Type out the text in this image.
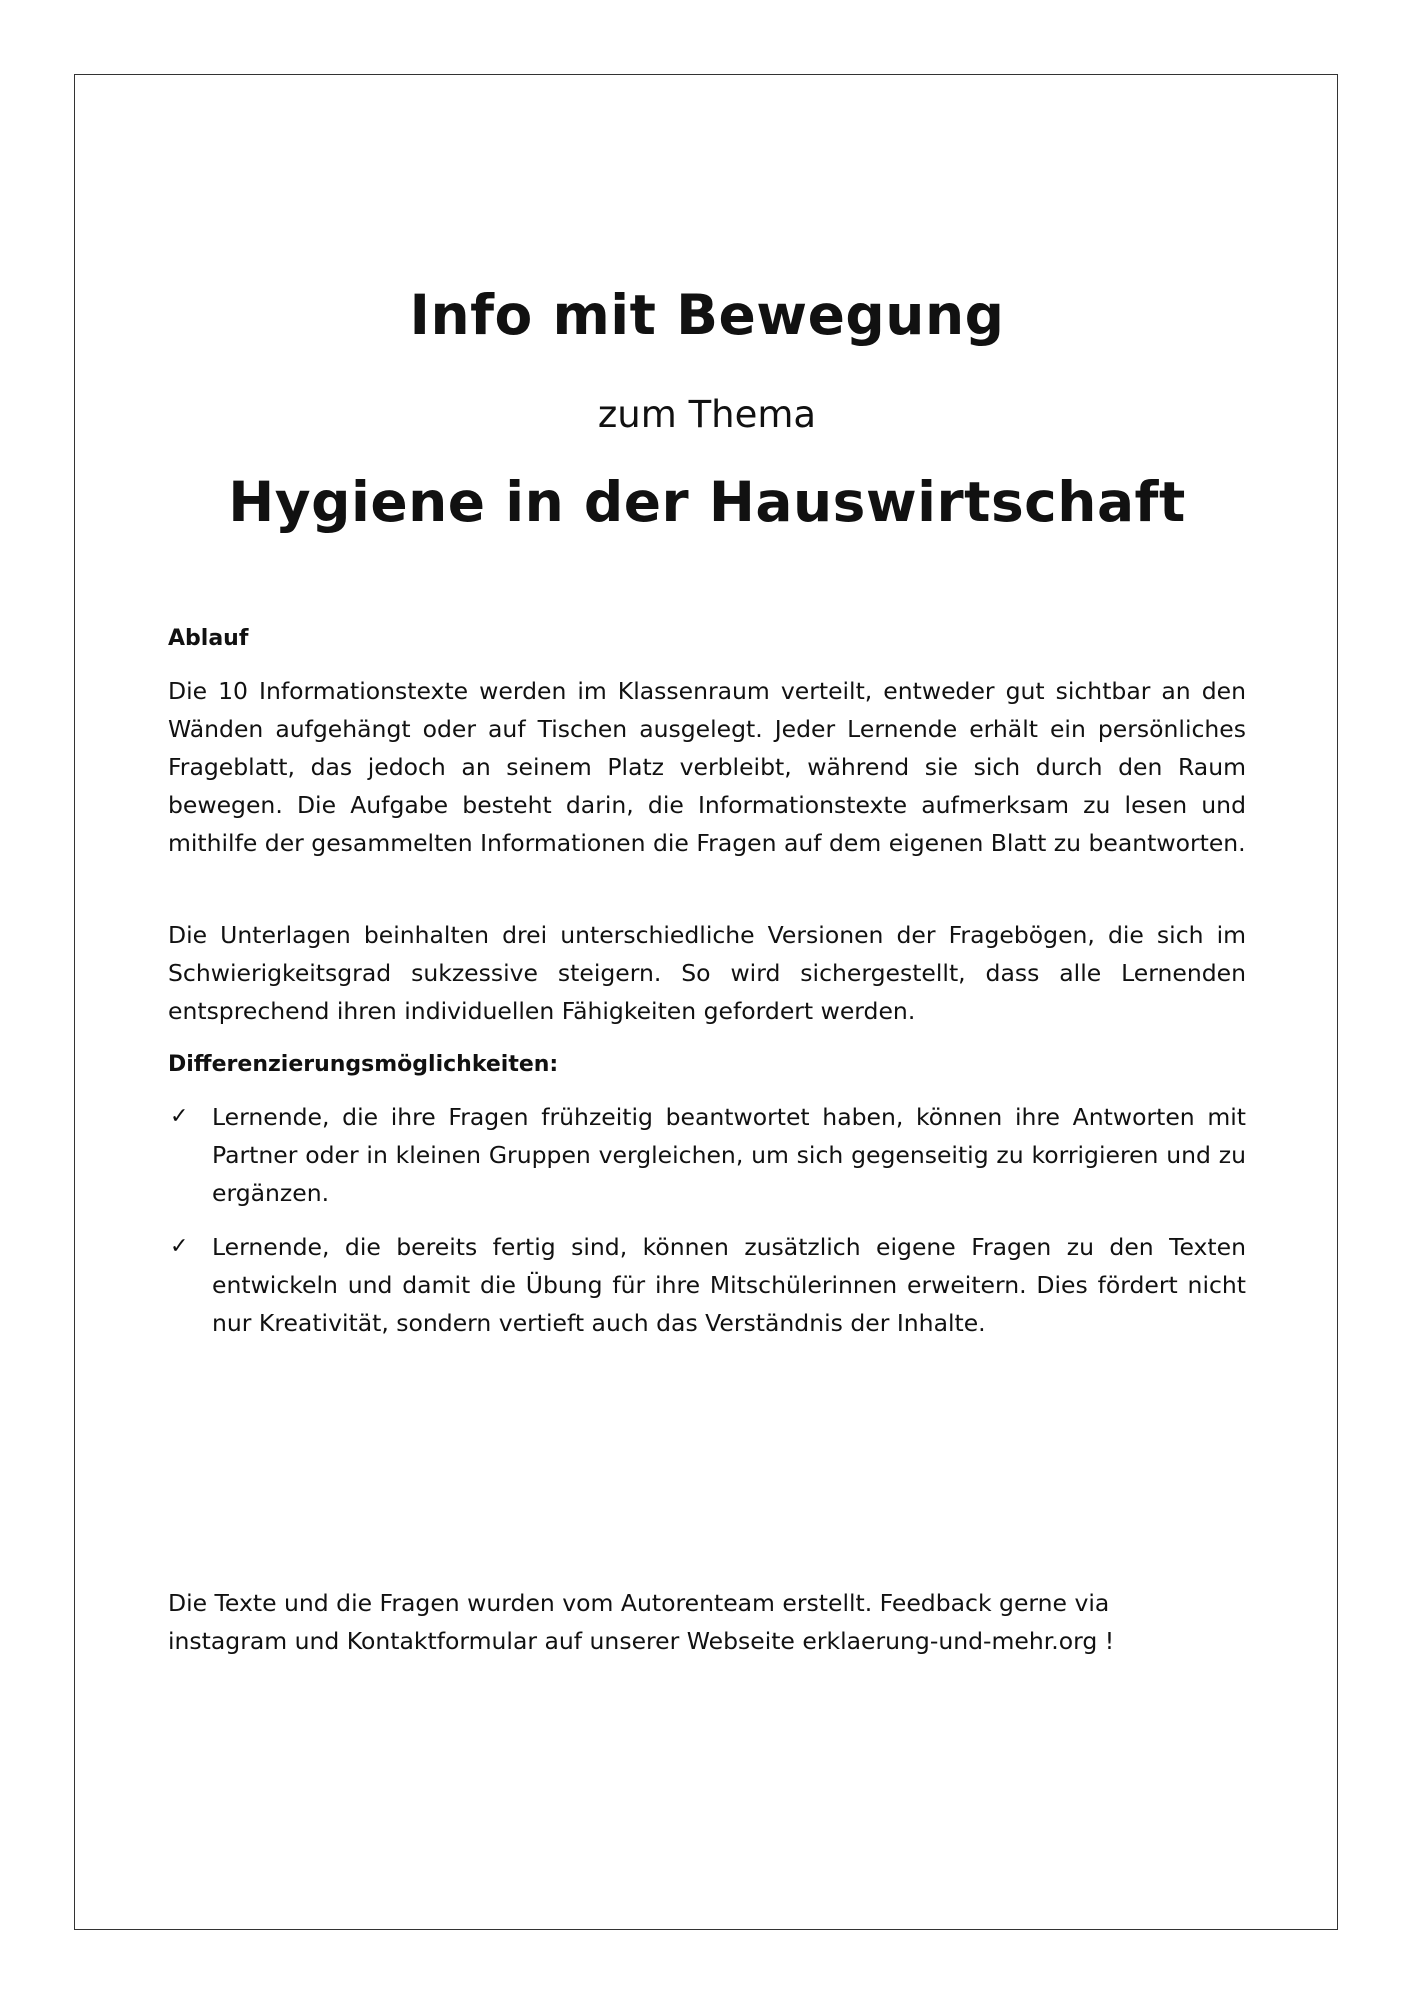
Info mit Bewegung

zum Thema

Hygiene in der Hauswirtschaft

Ablauf

Die 10 Informationstexte werden im Klassenraum verteilt, entweder gut sichtbar an den Wänden aufgehängt oder auf Tischen ausgelegt. Jeder Lernende erhält ein persönliches Frageblatt, das jedoch an seinem Platz verbleibt, während sie sich durch den Raum bewegen. Die Aufgabe besteht darin, die Informationstexte aufmerksam zu lesen und mithilfe der gesammelten Informationen die Fragen auf dem eigenen Blatt zu beantworten.

Die Unterlagen beinhalten drei unterschiedliche Versionen der Fragebögen, die sich im Schwierigkeitsgrad sukzessive steigern. So wird sichergestellt, dass alle Lernenden entsprechend ihren individuellen Fähigkeiten gefordert werden.

Differenzierungsmöglichkeiten:

✓ Lernende, die ihre Fragen frühzeitig beantwortet haben, können ihre Antworten mit Partner oder in kleinen Gruppen vergleichen, um sich gegenseitig zu korrigieren und zu ergänzen.
✓ Lernende, die bereits fertig sind, können zusätzlich eigene Fragen zu den Texten entwickeln und damit die Übung für ihre Mitschülerinnen erweitern. Dies fördert nicht nur Kreativität, sondern vertieft auch das Verständnis der Inhalte.
Die Texte und die Fragen wurden vom Autorenteam erstellt. Feedback gerne via
instagram und Kontaktformular auf unserer Webseite erklaerung-und-mehr.org !
